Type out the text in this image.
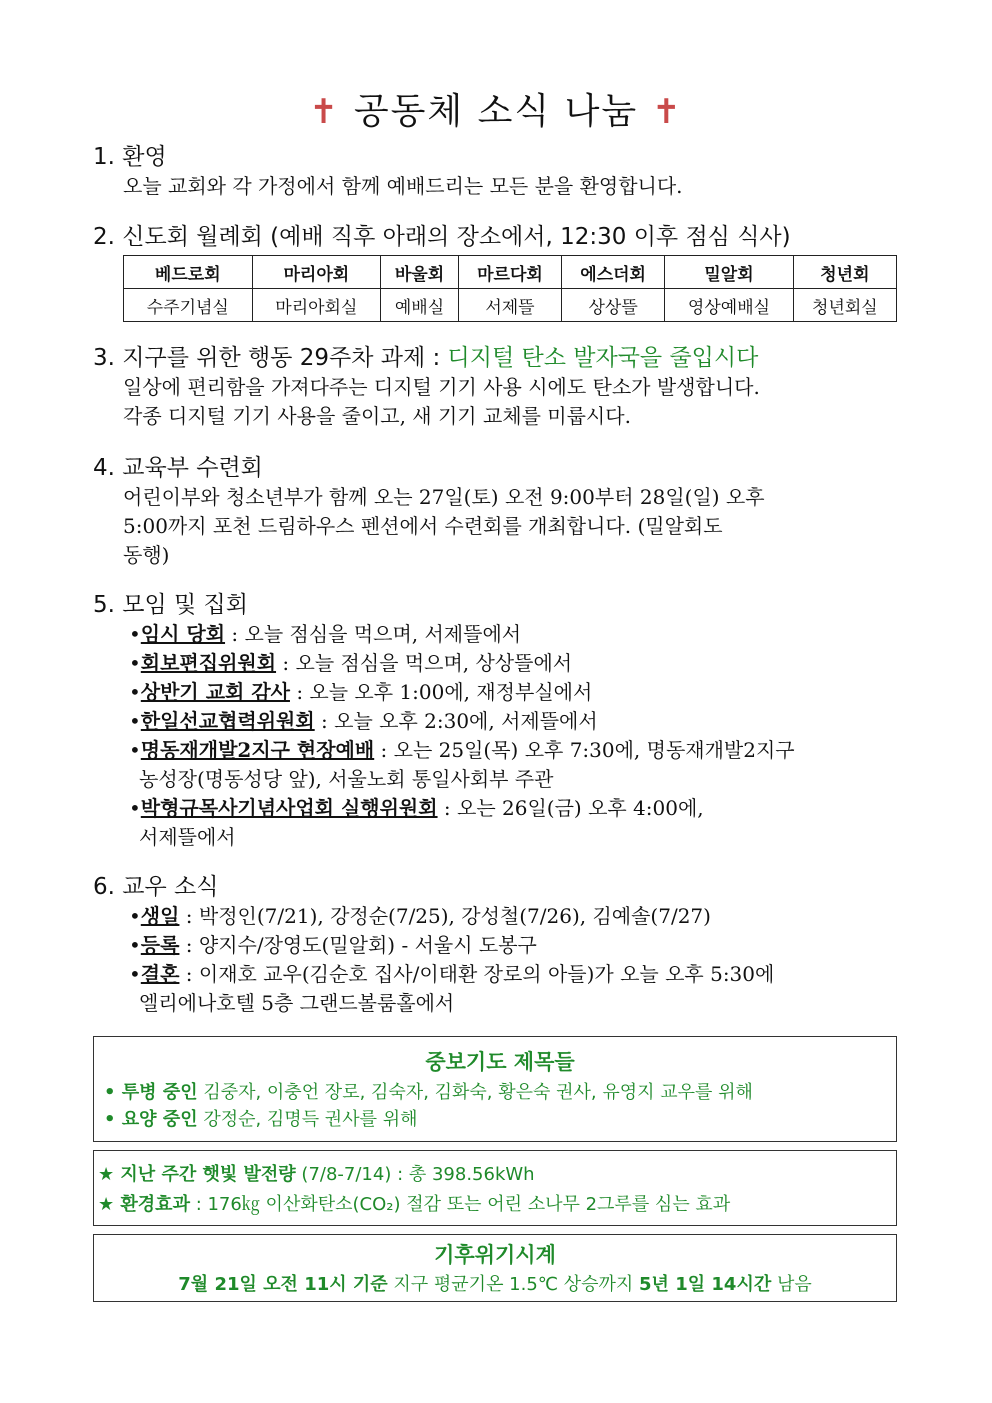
✝ 공동체 소식 나눔 ✝
1. 환영
오늘 교회와 각 가정에서 함께 예배드리는 모든 분을 환영합니다.
2. 신도회 월례회 (예배 직후 아래의 장소에서, 12:30 이후 점심 식사)
베드로회	마리아회	바울회	마르다회	에스더회	밀알회	청년회
수주기념실	마리아회실	예배실	서제뜰	상상뜰	영상예배실	청년회실
3. 지구를 위한 행동 29주차 과제 : 디지털 탄소 발자국을 줄입시다
일상에 편리함을 가져다주는 디지털 기기 사용 시에도 탄소가 발생합니다.
각종 디지털 기기 사용을 줄이고, 새 기기 교체를 미룹시다.
4. 교육부 수련회
어린이부와 청소년부가 함께 오는 27일(토) 오전 9:00부터 28일(일) 오후
5:00까지 포천 드림하우스 펜션에서 수련회를 개최합니다. (밀알회도
동행)
5. 모임 및 집회
•임시 당회 : 오늘 점심을 먹으며, 서제뜰에서
•회보편집위원회 : 오늘 점심을 먹으며, 상상뜰에서
•상반기 교회 감사 : 오늘 오후 1:00에, 재정부실에서
•한일선교협력위원회 : 오늘 오후 2:30에, 서제뜰에서
•명동재개발2지구 현장예배 : 오는 25일(목) 오후 7:30에, 명동재개발2지구
농성장(명동성당 앞), 서울노회 통일사회부 주관
•박형규목사기념사업회 실행위원회 : 오는 26일(금) 오후 4:00에,
서제뜰에서
6. 교우 소식
•생일 : 박정인(7/21), 강정순(7/25), 강성철(7/26), 김예솔(7/27)
•등록 : 양지수/장영도(밀알회) - 서울시 도봉구
•결혼 : 이재호 교우(김순호 집사/이태환 장로의 아들)가 오늘 오후 5:30에
엘리에나호텔 5층 그랜드볼룸홀에서
중보기도 제목들
• 투병 중인 김중자, 이충언 장로, 김숙자, 김화숙, 황은숙 권사, 유영지 교우를 위해
• 요양 중인 강정순, 김명득 권사를 위해
★ 지난 주간 햇빛 발전량 (7/8-7/14) : 총 398.56kWh
★ 환경효과 : 176㎏ 이산화탄소(CO₂) 절감 또는 어린 소나무 2그루를 심는 효과
기후위기시계
7월 21일 오전 11시 기준 지구 평균기온 1.5℃ 상승까지 5년 1일 14시간 남음
